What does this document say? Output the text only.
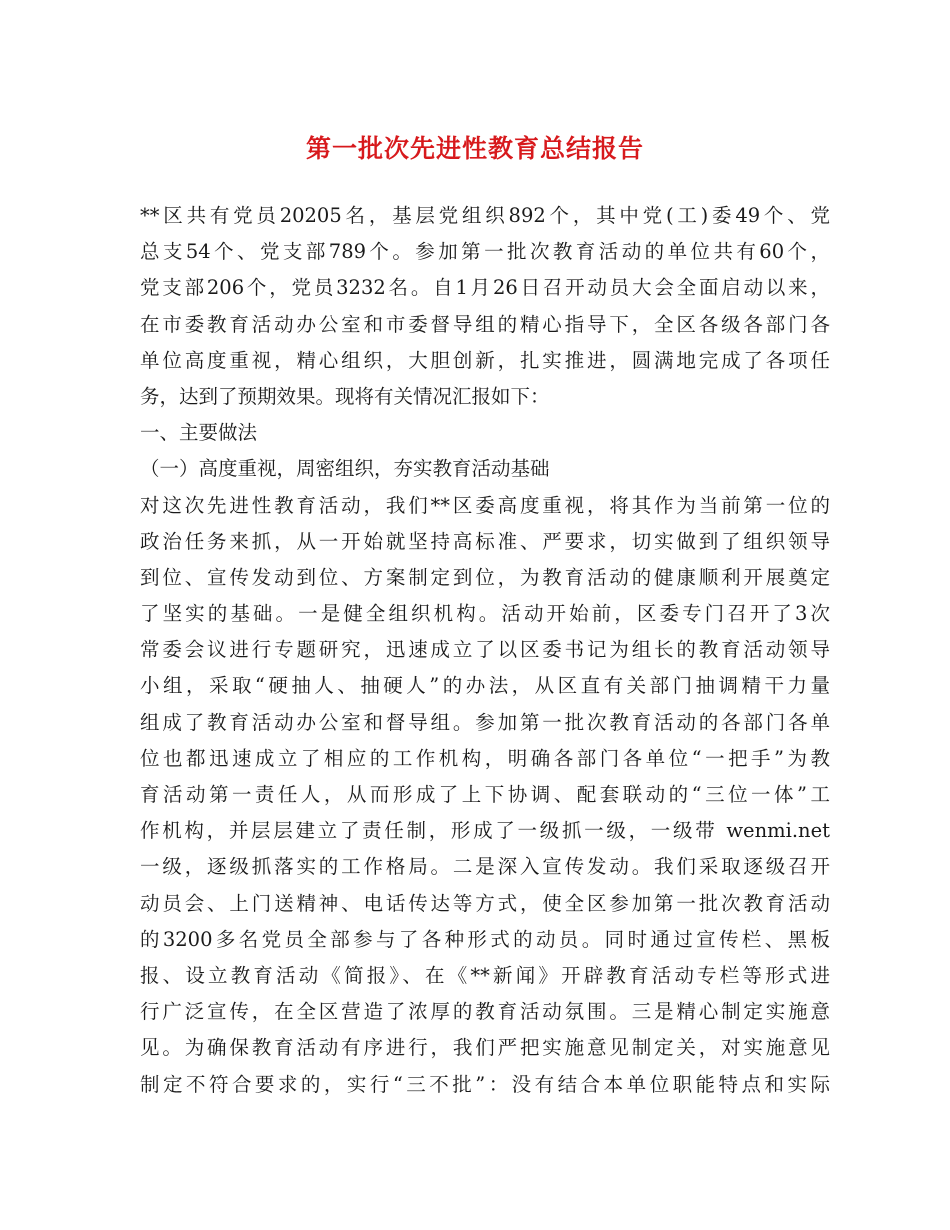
第一批次先进性教育总结报告
**区共有党员20205名，基层党组织892个，其中党(工)委49个、党
总支54个、党支部789个。参加第一批次教育活动的单位共有60个，
党支部206个，党员3232名。自1月26日召开动员大会全面启动以来，
在市委教育活动办公室和市委督导组的精心指导下，全区各级各部门各
单位高度重视，精心组织，大胆创新，扎实推进，圆满地完成了各项任
务，达到了预期效果。现将有关情况汇报如下：
一、主要做法
（一）高度重视，周密组织，夯实教育活动基础
对这次先进性教育活动，我们**区委高度重视，将其作为当前第一位的
政治任务来抓，从一开始就坚持高标准、严要求，切实做到了组织领导
到位、宣传发动到位、方案制定到位，为教育活动的健康顺利开展奠定
了坚实的基础。一是健全组织机构。活动开始前，区委专门召开了3次
常委会议进行专题研究，迅速成立了以区委书记为组长的教育活动领导
小组，采取“硬抽人、抽硬人”的办法，从区直有关部门抽调精干力量
组成了教育活动办公室和督导组。参加第一批次教育活动的各部门各单
位也都迅速成立了相应的工作机构，明确各部门各单位“一把手”为教
育活动第一责任人，从而形成了上下协调、配套联动的“三位一体”工
作机构，并层层建立了责任制，形成了一级抓一级，一级带 wenmi.net
一级，逐级抓落实的工作格局。二是深入宣传发动。我们采取逐级召开
动员会、上门送精神、电话传达等方式，使全区参加第一批次教育活动
的3200多名党员全部参与了各种形式的动员。同时通过宣传栏、黑板
报、设立教育活动《简报》、在《**新闻》开辟教育活动专栏等形式进
行广泛宣传，在全区营造了浓厚的教育活动氛围。三是精心制定实施意
见。为确保教育活动有序进行，我们严把实施意见制定关，对实施意见
制定不符合要求的，实行“三不批”：没有结合本单位职能特点和实际
